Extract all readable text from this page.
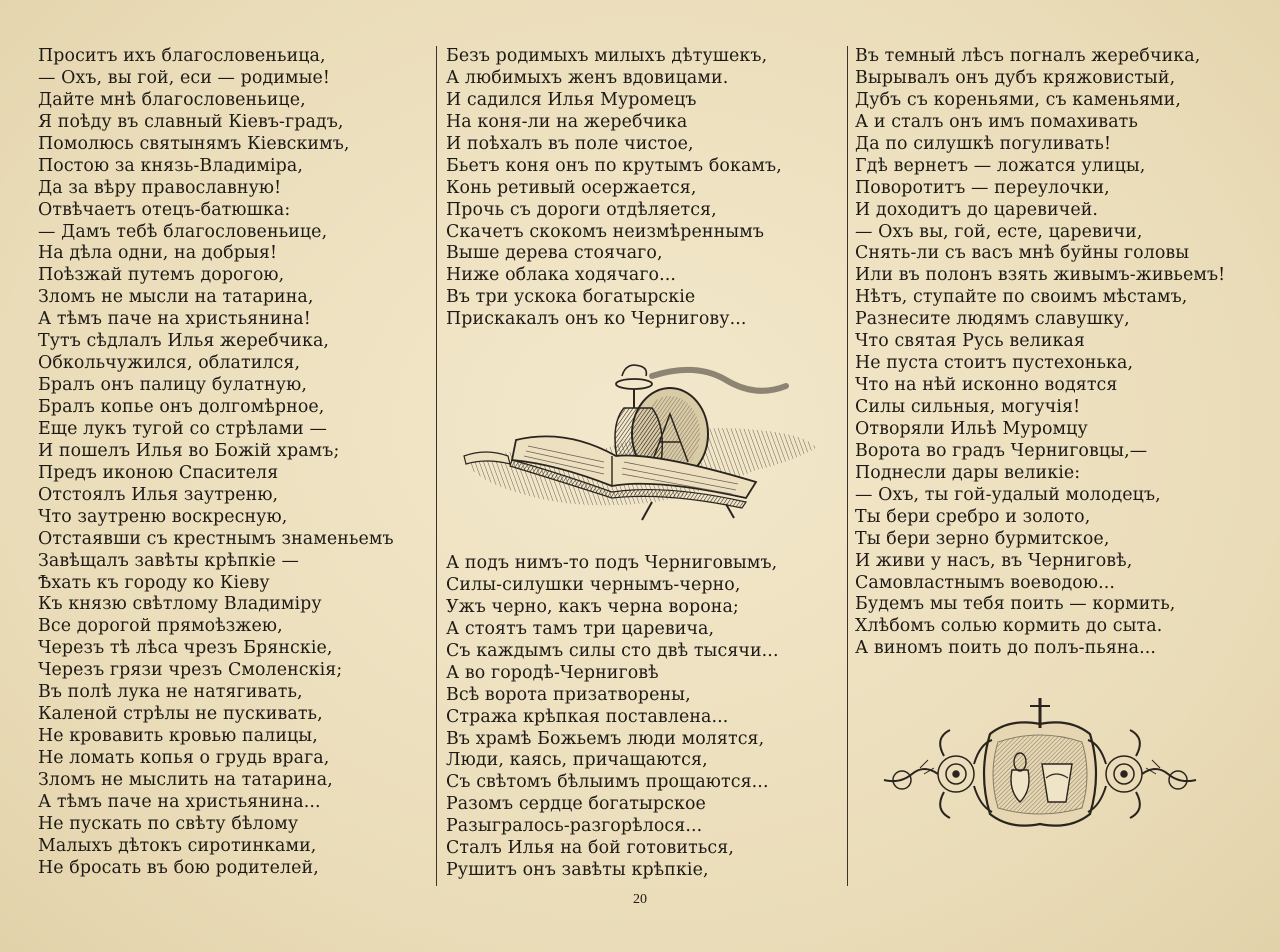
Проситъ ихъ благословеньица,
— Охъ, вы гой, еси — родимые!
Дайте мнѣ благословеньице,
Я поѣду въ славный Кіевъ-градъ,
Помолюсь святынямъ Кіевскимъ,
Постою за князь-Владиміра,
Да за вѣру православную!
Отвѣчаетъ отецъ-батюшка:
— Дамъ тебѣ благословеньице,
На дѣла одни, на добрыя!
Поѣзжай путемъ дорогою,
Зломъ не мысли на татарина,
А тѣмъ паче на христьянина!
Тутъ сѣдлалъ Илья жеребчика,
Обкольчужился, облатился,
Бралъ онъ палицу булатную,
Бралъ копье онъ долгомѣрное,
Еще лукъ тугой со стрѣлами —
И пошелъ Илья во Божій храмъ;
Предъ иконою Спасителя
Отстоялъ Илья заутреню,
Что заутреню воскресную,
Отстаявши съ крестнымъ знаменьемъ
Завѣщалъ завѣты крѣпкіе —
Ѣхать къ городу ко Кіеву
Къ князю свѣтлому Владиміру
Все дорогой прямоѣзжею,
Черезъ тѣ лѣса чрезъ Брянскіе,
Черезъ грязи чрезъ Смоленскія;
Въ полѣ лука не натягивать,
Каленой стрѣлы не пускивать,
Не кровавить кровью палицы,
Не ломать копья о грудь врага,
Зломъ не мыслить на татарина,
А тѣмъ паче на христьянина...
Не пускать по свѣту бѣлому
Малыхъ дѣтокъ сиротинками,
Не бросать въ бою родителей,
Безъ родимыхъ милыхъ дѣтушекъ,
А любимыхъ женъ вдовицами.
И садился Илья Муромецъ
На коня-ли на жеребчика
И поѣхалъ въ поле чистое,
Бьетъ коня онъ по крутымъ бокамъ,
Конь ретивый осержается,
Прочь съ дороги отдѣляется,
Скачетъ скокомъ неизмѣреннымъ
Выше дерева стоячаго,
Ниже облака ходячаго...
Въ три ускока богатырскіе
Прискакалъ онъ ко Чернигову...
А подъ нимъ-то подъ Черниговымъ,
Силы-силушки чернымъ-черно,
Ужъ черно, какъ черна ворона;
А стоятъ тамъ три царевича,
Съ каждымъ силы сто двѣ тысячи...
А во городѣ-Черниговѣ
Всѣ ворота призатворены,
Стража крѣпкая поставлена...
Въ храмѣ Божьемъ люди молятся,
Люди, каясь, причащаются,
Съ свѣтомъ бѣлыимъ прощаются...
Разомъ сердце богатырское
Разыгралось-разгорѣлося...
Сталъ Илья на бой готовиться,
Рушитъ онъ завѣты крѣпкіе,
Въ темный лѣсъ погналъ жеребчика,
Вырывалъ онъ дубъ кряжовистый,
Дубъ съ кореньями, съ каменьями,
А и сталъ онъ имъ помахивать
Да по силушкѣ погуливать!
Гдѣ вернетъ — ложатся улицы,
Поворотитъ — переулочки,
И доходитъ до царевичей.
— Охъ вы, гой, есте, царевичи,
Снять-ли съ васъ мнѣ буйны головы
Или въ полонъ взять живымъ-живьемъ!
Нѣтъ, ступайте по своимъ мѣстамъ,
Разнесите людямъ славушку,
Что святая Русь великая
Не пуста стоитъ пустехонька,
Что на нѣй исконно водятся
Силы сильныя, могучія!
Отворяли Ильѣ Муромцу
Ворота во градъ Черниговцы,—
Поднесли дары великіе:
— Охъ, ты гой-удалый молодецъ,
Ты бери сребро и золото,
Ты бери зерно бурмитское,
И живи у насъ, въ Черниговѣ,
Самовластнымъ воеводою...
Будемъ мы тебя поить — кормить,
Хлѣбомъ солью кормить до сыта.
А виномъ поить до полъ-пьяна...
20
